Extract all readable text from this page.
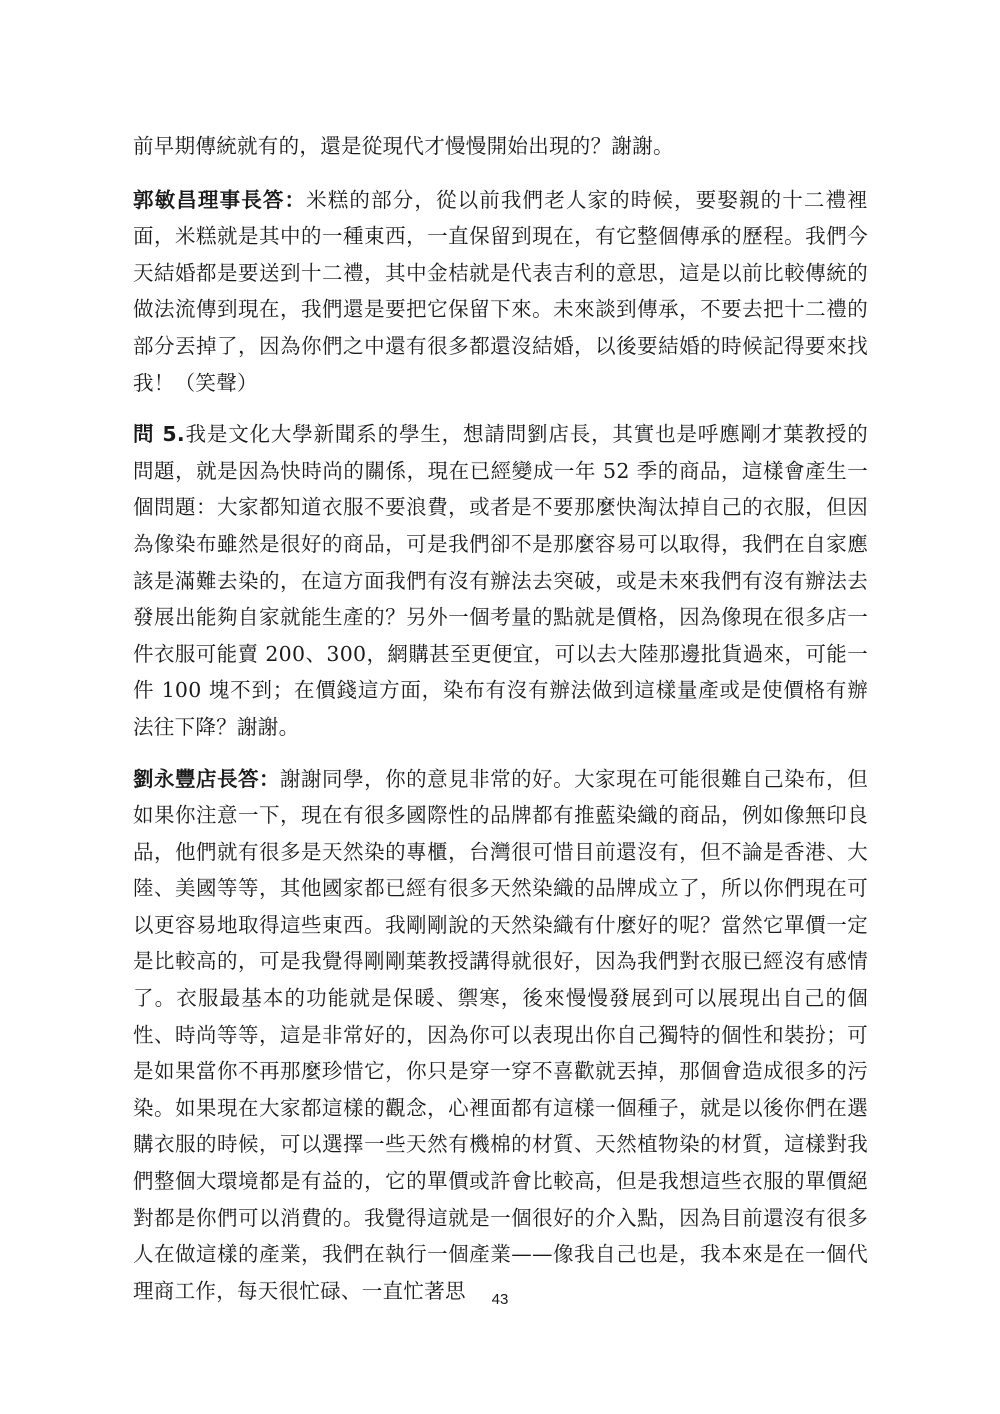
前早期傳統就有的，還是從現代才慢慢開始出現的？謝謝。

郭敏昌理事長答：米糕的部分，從以前我們老人家的時候，要娶親的十二禮裡面，米糕就是其中的一種東西，一直保留到現在，有它整個傳承的歷程。我們今天結婚都是要送到十二禮，其中金桔就是代表吉利的意思，這是以前比較傳統的做法流傳到現在，我們還是要把它保留下來。未來談到傳承，不要去把十二禮的部分丟掉了，因為你們之中還有很多都還沒結婚，以後要結婚的時候記得要來找我！（笑聲）

問 5.我是文化大學新聞系的學生，想請問劉店長，其實也是呼應剛才葉教授的問題，就是因為快時尚的關係，現在已經變成一年 52 季的商品，這樣會產生一個問題：大家都知道衣服不要浪費，或者是不要那麼快淘汰掉自己的衣服，但因為像染布雖然是很好的商品，可是我們卻不是那麼容易可以取得，我們在自家應該是滿難去染的，在這方面我們有沒有辦法去突破，或是未來我們有沒有辦法去發展出能夠自家就能生產的？另外一個考量的點就是價格，因為像現在很多店一件衣服可能賣 200、300，網購甚至更便宜，可以去大陸那邊批貨過來，可能一件 100 塊不到；在價錢這方面，染布有沒有辦法做到這樣量產或是使價格有辦法往下降？謝謝。

劉永豐店長答：謝謝同學，你的意見非常的好。大家現在可能很難自己染布，但如果你注意一下，現在有很多國際性的品牌都有推藍染織的商品，例如像無印良品，他們就有很多是天然染的專櫃，台灣很可惜目前還沒有，但不論是香港、大陸、美國等等，其他國家都已經有很多天然染織的品牌成立了，所以你們現在可以更容易地取得這些東西。我剛剛說的天然染織有什麼好的呢？當然它單價一定是比較高的，可是我覺得剛剛葉教授講得就很好，因為我們對衣服已經沒有感情了。衣服最基本的功能就是保暖、禦寒，後來慢慢發展到可以展現出自己的個性、時尚等等，這是非常好的，因為你可以表現出你自己獨特的個性和裝扮；可是如果當你不再那麼珍惜它，你只是穿一穿不喜歡就丟掉，那個會造成很多的污染。如果現在大家都這樣的觀念，心裡面都有這樣一個種子，就是以後你們在選購衣服的時候，可以選擇一些天然有機棉的材質、天然植物染的材質，這樣對我們整個大環境都是有益的，它的單價或許會比較高，但是我想這些衣服的單價絕對都是你們可以消費的。我覺得這就是一個很好的介入點，因為目前還沒有很多人在做這樣的產業，我們在執行一個產業——像我自己也是，我本來是在一個代理商工作，每天很忙碌、一直忙著思	43
